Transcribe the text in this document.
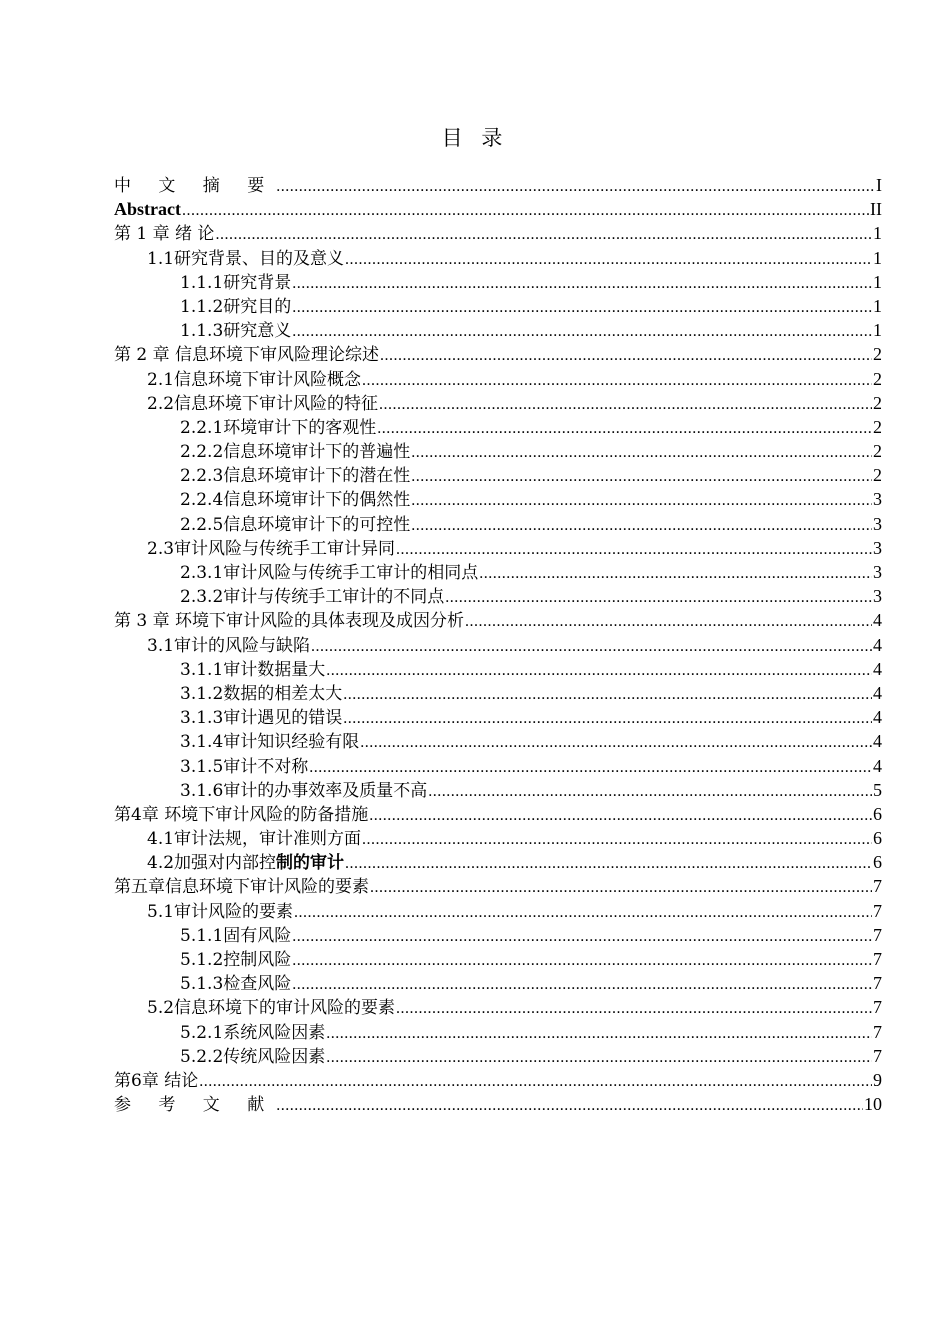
目 录
中 文 摘 要 .....	I
Abstract .....	II
第 1 章 绪 论 .....	1
1.1研究背景、目的及意义 .....	1
1.1.1研究背景 .....	1
1.1.2研究目的 .....	1
1.1.3研究意义 .....	1
第 2 章 信息环境下审风险理论综述 .....	2
2.1信息环境下审计风险概念 .....	2
2.2信息环境下审计风险的特征 .....	2
2.2.1环境审计下的客观性 .....	2
2.2.2信息环境审计下的普遍性 .....	2
2.2.3信息环境审计下的潜在性 .....	2
2.2.4信息环境审计下的偶然性 .....	3
2.2.5信息环境审计下的可控性 .....	3
2.3审计风险与传统手工审计异同 .....	3
2.3.1审计风险与传统手工审计的相同点 .....	3
2.3.2审计与传统手工审计的不同点 .....	3
第 3 章 环境下审计风险的具体表现及成因分析 .....	4
3.1审计的风险与缺陷 .....	4
3.1.1审计数据量大 .....	4
3.1.2数据的相差太大 .....	4
3.1.3审计遇见的错误 .....	4
3.1.4审计知识经验有限 .....	4
3.1.5审计不对称 .....	4
3.1.6审计的办事效率及质量不高 .....	5
第4章 环境下审计风险的防备措施 .....	6
4.1审计法规，审计准则方面 .....	6
4.2加强对内部控制的审计 .....	6
第五章信息环境下审计风险的要素 .....	7
5.1审计风险的要素 .....	7
5.1.1固有风险 .....	7
5.1.2控制风险 .....	7
5.1.3检查风险 .....	7
5.2信息环境下的审计风险的要素 .....	7
5.2.1系统风险因素 .....	7
5.2.2传统风险因素 .....	7
第6章 结论 .....	9
参 考 文 献 .....	10
